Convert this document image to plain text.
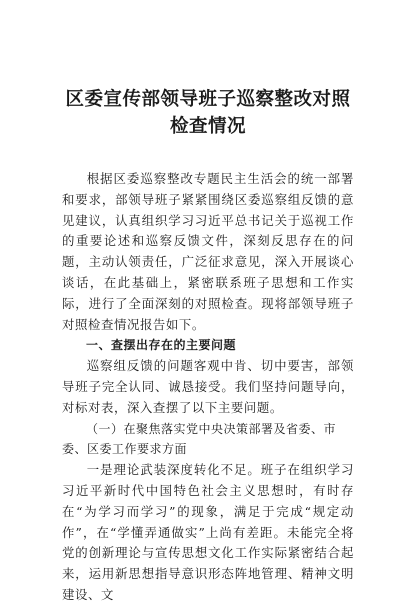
区委宣传部领导班子巡察整改对照检查情况

根据区委巡察整改专题民主生活会的统一部署和要求，部领导班子紧紧围绕区委巡察组反馈的意见建议，认真组织学习习近平总书记关于巡视工作的重要论述和巡察反馈文件，深刻反思存在的问题，主动认领责任，广泛征求意见，深入开展谈心谈话，在此基础上，紧密联系班子思想和工作实际，进行了全面深刻的对照检查。现将部领导班子对照检查情况报告如下。

一、查摆出存在的主要问题

巡察组反馈的问题客观中肯、切中要害，部领导班子完全认同、诚恳接受。我们坚持问题导向，对标对表，深入查摆了以下主要问题。

（一）在聚焦落实党中央决策部署及省委、市委、区委工作要求方面

一是理论武装深度转化不足。班子在组织学习习近平新时代中国特色社会主义思想时，有时存在“为学习而学习”的现象，满足于完成“规定动作”，在“学懂弄通做实”上尚有差距。未能完全将党的创新理论与宣传思想文化工作实际紧密结合起来，运用新思想指导意识形态阵地管理、精神文明建设、文
